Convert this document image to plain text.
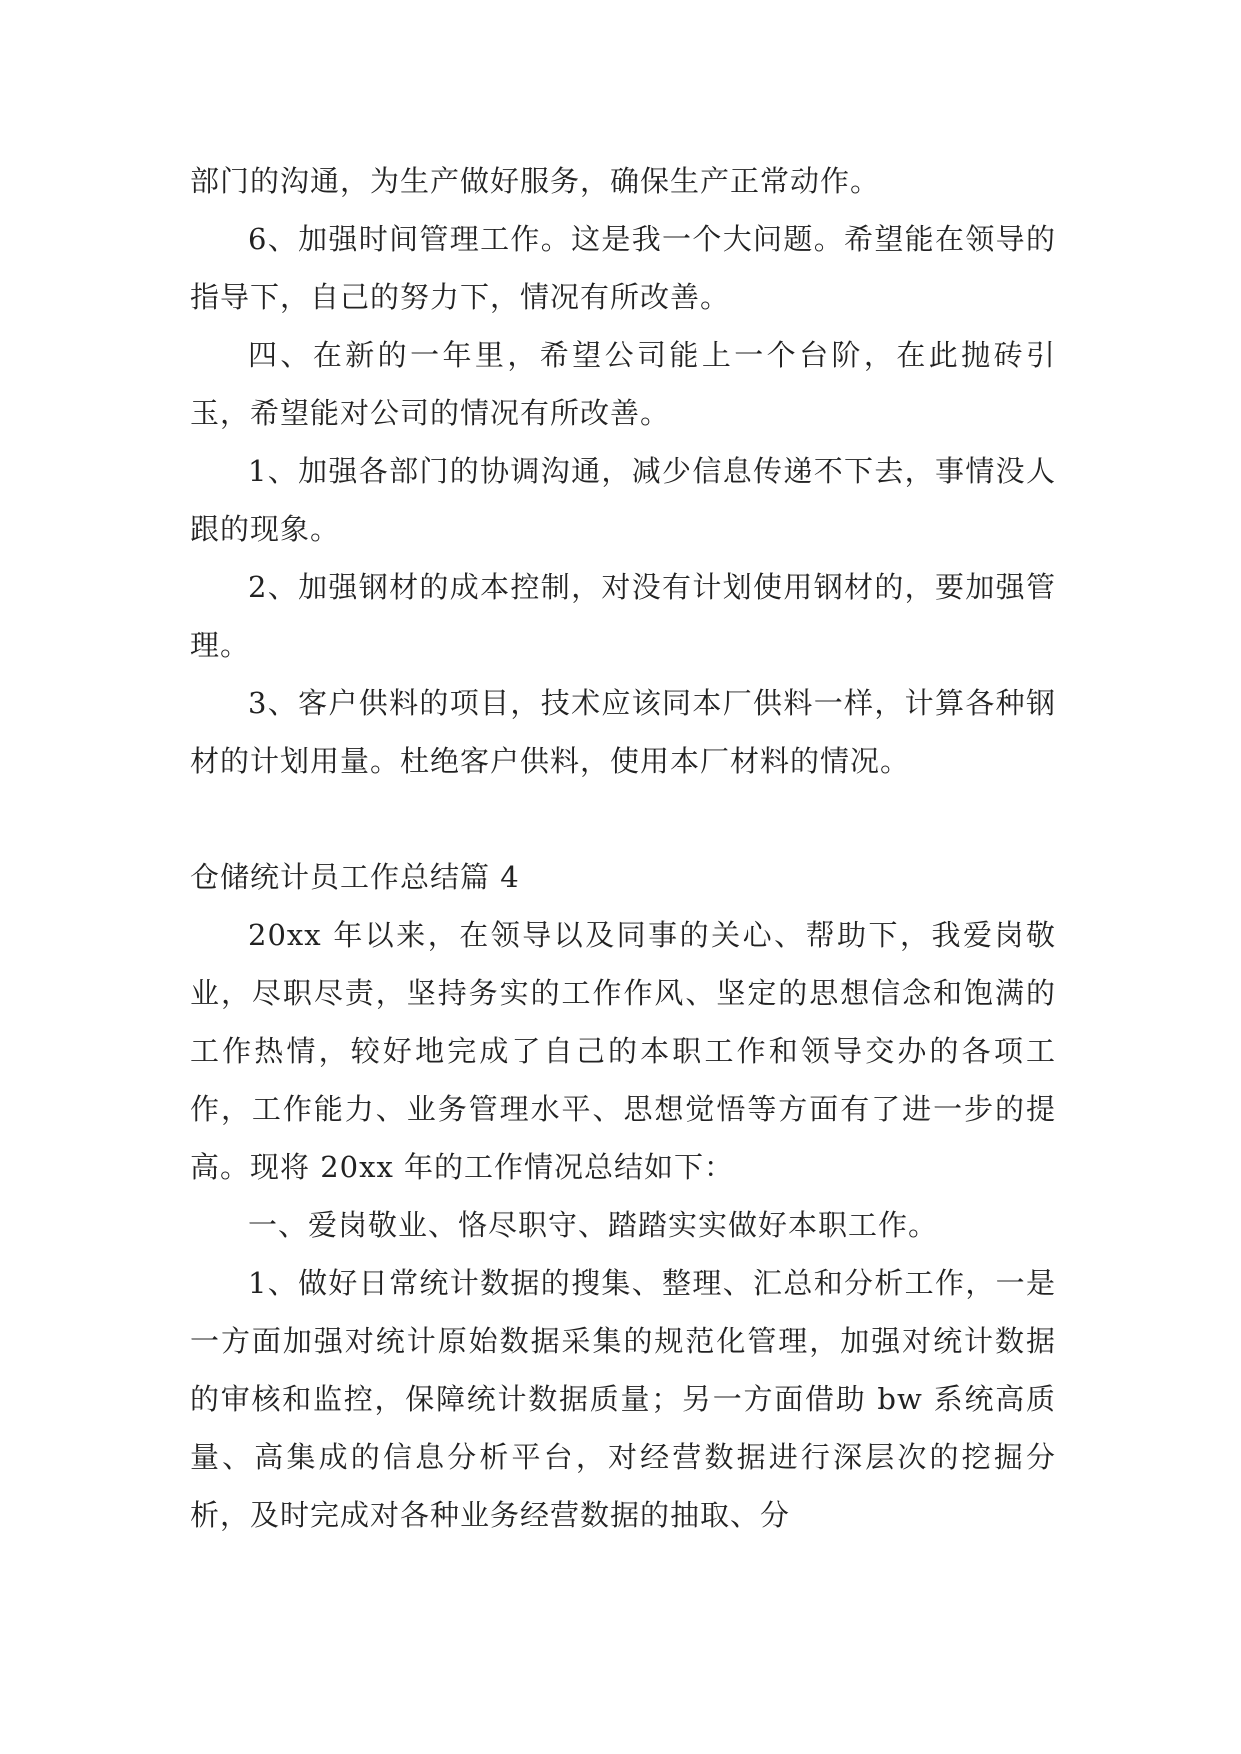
部门的沟通，为生产做好服务，确保生产正常动作。

6、加强时间管理工作。这是我一个大问题。希望能在领导的指导下，自己的努力下，情况有所改善。

四、在新的一年里，希望公司能上一个台阶，在此抛砖引玉，希望能对公司的情况有所改善。

1、加强各部门的协调沟通，减少信息传递不下去，事情没人跟的现象。

2、加强钢材的成本控制，对没有计划使用钢材的，要加强管理。

3、客户供料的项目，技术应该同本厂供料一样，计算各种钢材的计划用量。杜绝客户供料，使用本厂材料的情况。

仓储统计员工作总结篇 4

20xx 年以来，在领导以及同事的关心、帮助下，我爱岗敬业，尽职尽责，坚持务实的工作作风、坚定的思想信念和饱满的工作热情，较好地完成了自己的本职工作和领导交办的各项工作，工作能力、业务管理水平、思想觉悟等方面有了进一步的提高。现将 20xx 年的工作情况总结如下：

一、爱岗敬业、恪尽职守、踏踏实实做好本职工作。

1、做好日常统计数据的搜集、整理、汇总和分析工作，一是一方面加强对统计原始数据采集的规范化管理，加强对统计数据的审核和监控，保障统计数据质量；另一方面借助 bw 系统高质量、高集成的信息分析平台，对经营数据进行深层次的挖掘分析，及时完成对各种业务经营数据的抽取、分
